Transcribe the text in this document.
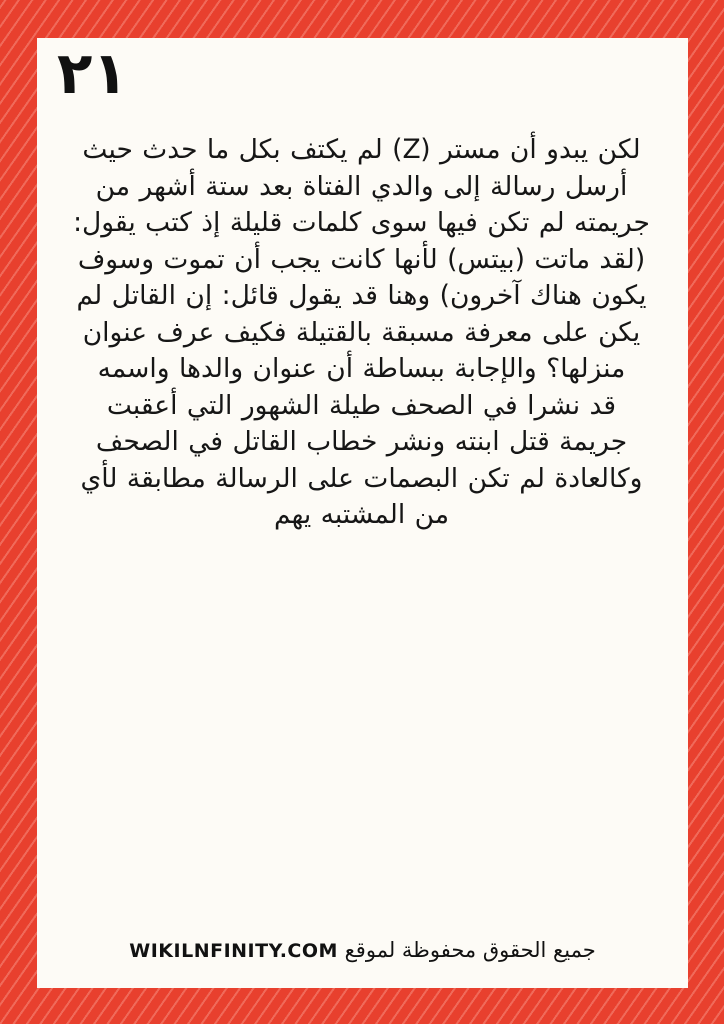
٢١

لكن يبدو أن مستر (Z) لم يكتف بكل ما حدث حيث
أرسل رسالة إلى والدي الفتاة بعد ستة أشهر من
جريمته لم تكن فيها سوى كلمات قليلة إذ كتب يقول:
(لقد ماتت (بيتس) لأنها كانت يجب أن تموت وسوف
يكون هناك آخرون) وهنا قد يقول قائل: إن القاتل لم
يكن على معرفة مسبقة بالقتيلة فكيف عرف عنوان
منزلها؟ والإجابة ببساطة أن عنوان والدها واسمه
قد نشرا في الصحف طيلة الشهور التي أعقبت
جريمة قتل ابنته ونشر خطاب القاتل في الصحف
وكالعادة لم تكن البصمات على الرسالة مطابقة لأي
من المشتبه يهم

جميع الحقوق محفوظة لموقع WIKILNFINITY.COM
